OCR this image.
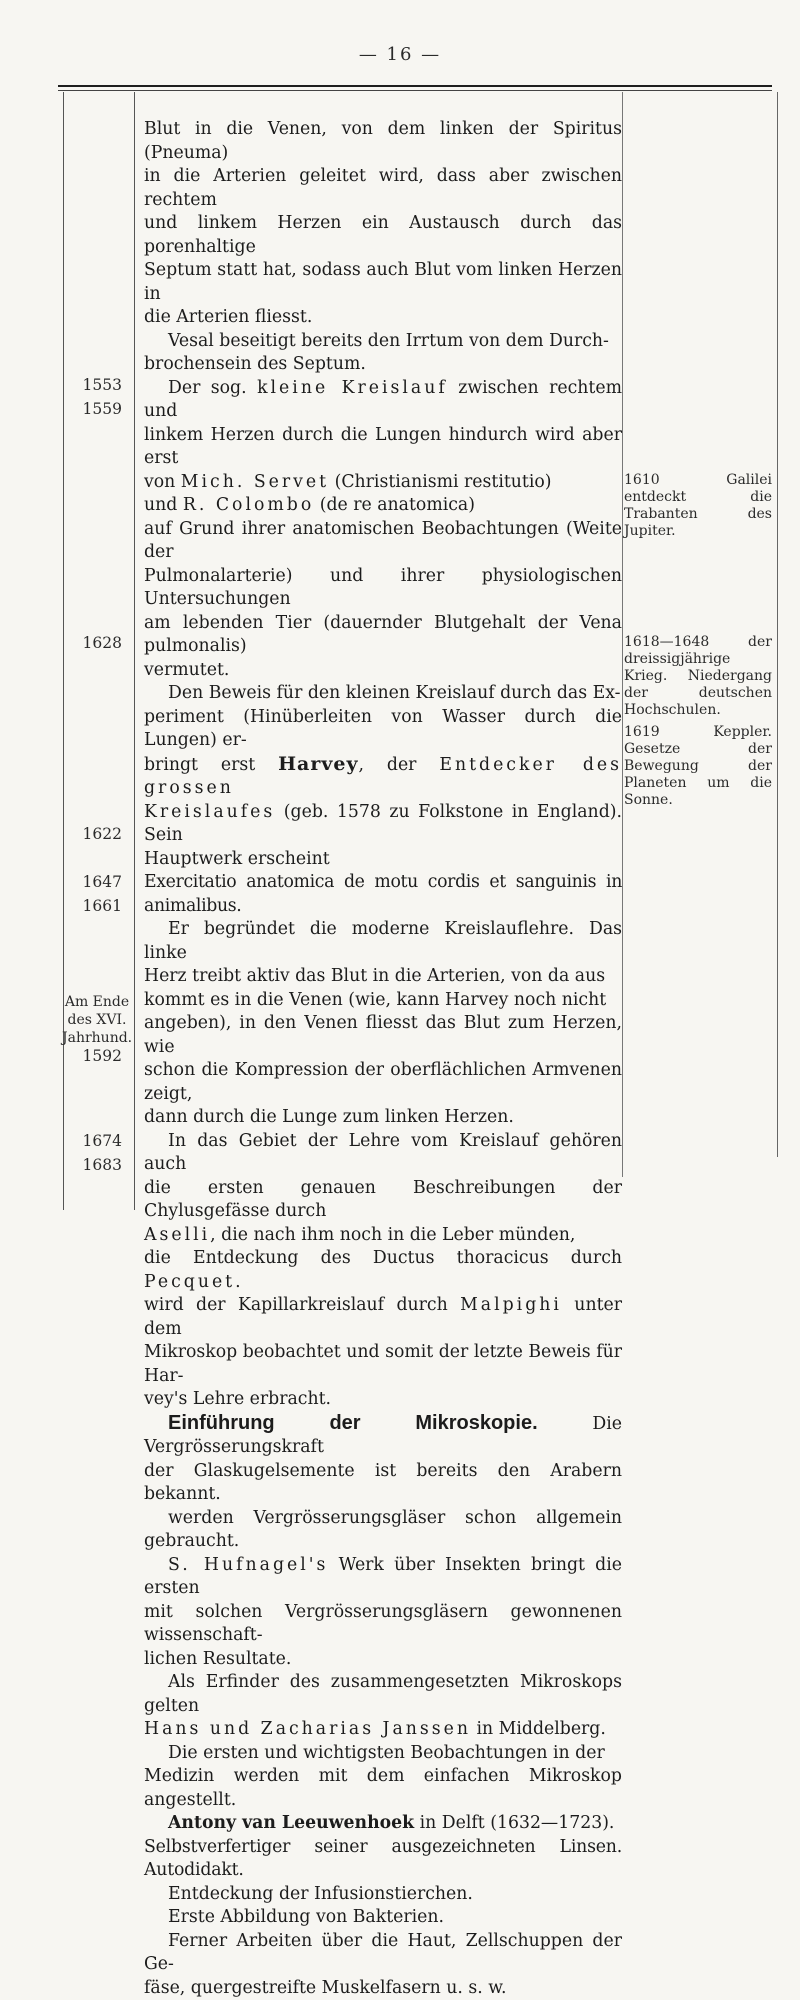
— 16 —
1553
1559
1628
1622
1647
1661
Am Ende
des XVI.
Jahrhund.
1592
1674
1683
1610 Galilei entdeckt die Trabanten des Jupiter.
1618—1648 der dreissigjährige Krieg. Niedergang der deutschen Hochschulen.
1619 Keppler. Gesetze der Bewegung der Planeten um die Sonne.

Blut in die Venen, von dem linken der Spiritus (Pneuma)

in die Arterien geleitet wird, dass aber zwischen rechtem

und linkem Herzen ein Austausch durch das porenhaltige

Septum statt hat, sodass auch Blut vom linken Herzen in

die Arterien fliesst.

Vesal beseitigt bereits den Irrtum von dem Durch-

brochensein des Septum.

Der sog. kleine Kreislauf zwischen rechtem und

linkem Herzen durch die Lungen hindurch wird aber erst

von Mich. Servet (Christianismi restitutio)

und R. Colombo (de re anatomica)

auf Grund ihrer anatomischen Beobachtungen (Weite der

Pulmonalarterie) und ihrer physiologischen Untersuchungen

am lebenden Tier (dauernder Blutgehalt der Vena pulmonalis)

vermutet.

Den Beweis für den kleinen Kreislauf durch das Ex-

periment (Hinüberleiten von Wasser durch die Lungen) er-

bringt erst Harvey, der Entdecker des grossen

Kreislaufes (geb. 1578 zu Folkstone in England). Sein

Hauptwerk erscheint

Exercitatio anatomica de motu cordis et sanguinis in animalibus.

Er begründet die moderne Kreislauflehre. Das linke

Herz treibt aktiv das Blut in die Arterien, von da aus

kommt es in die Venen (wie, kann Harvey noch nicht

angeben), in den Venen fliesst das Blut zum Herzen, wie

schon die Kompression der oberflächlichen Armvenen zeigt,

dann durch die Lunge zum linken Herzen.

In das Gebiet der Lehre vom Kreislauf gehören auch

die ersten genauen Beschreibungen der Chylusgefässe durch

Aselli, die nach ihm noch in die Leber münden,

die Entdeckung des Ductus thoracicus durch Pecquet.

wird der Kapillarkreislauf durch Malpighi unter dem

Mikroskop beobachtet und somit der letzte Beweis für Har-

vey's Lehre erbracht.

Einführung der Mikroskopie. Die Vergrösserungskraft

der Glaskugelsemente ist bereits den Arabern bekannt.

werden Vergrösserungsgläser schon allgemein gebraucht.

S. Hufnagel's Werk über Insekten bringt die ersten

mit solchen Vergrösserungsgläsern gewonnenen wissenschaft-

lichen Resultate.

Als Erfinder des zusammengesetzten Mikroskops gelten

Hans und Zacharias Janssen in Middelberg.

Die ersten und wichtigsten Beobachtungen in der

Medizin werden mit dem einfachen Mikroskop angestellt.

Antony van Leeuwenhoek in Delft (1632—1723).

Selbstverfertiger seiner ausgezeichneten Linsen. Autodidakt.

Entdeckung der Infusionstierchen.

Erste Abbildung von Bakterien.

Ferner Arbeiten über die Haut, Zellschuppen der Ge-

fäse, quergestreifte Muskelfasern u. s. w.
